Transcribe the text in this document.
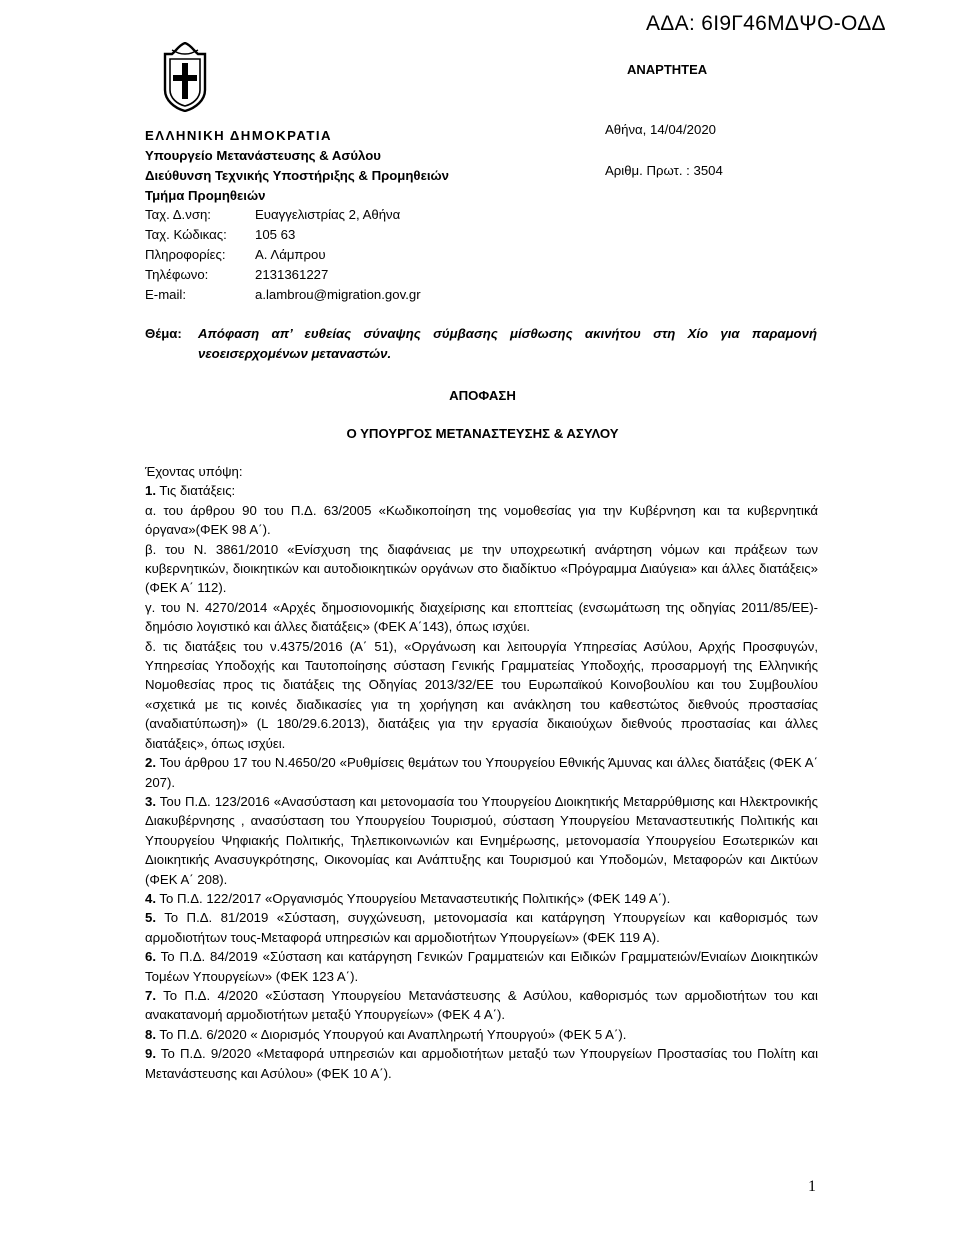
ΑΔΑ: 6Ι9Γ46ΜΔΨΟ-ΟΔΔ
ΑΝΑΡΤΗΤΕΑ
ΕΛΛΗΝΙΚΗ ΔΗΜΟΚΡΑΤΙΑ
Υπουργείο Μετανάστευσης & Ασύλου
Διεύθυνση Τεχνικής Υποστήριξης & Προμηθειών
Τμήμα Προμηθειών
Ταχ. Δ.νση:	Ευαγγελιστρίας 2, Αθήνα
Ταχ. Κώδικας:	105 63
Πληροφορίες:	Α. Λάμπρου
Τηλέφωνο:	2131361227
E-mail:	a.lambrou@migration.gov.gr
Αθήνα, 14/04/2020
Αριθμ. Πρωτ. : 3504
Θέμα:	Απόφαση απ’ ευθείας σύναψης σύμβασης μίσθωσης ακινήτου στη Χίο για παραμονή νεοεισερχομένων μεταναστών.
ΑΠΟΦΑΣΗ
Ο ΥΠΟΥΡΓΟΣ ΜΕΤΑΝΑΣΤΕΥΣΗΣ & ΑΣΥΛΟΥ

Έχοντας υπόψη:

1. Τις διατάξεις:

α. του άρθρου 90 του Π.Δ. 63/2005 «Κωδικοποίηση της νομοθεσίας για την Κυβέρνηση και τα κυβερνητικά όργανα»(ΦΕΚ 98 Α΄).

β. του Ν. 3861/2010 «Ενίσχυση της διαφάνειας με την υποχρεωτική ανάρτηση νόμων και πράξεων των κυβερνητικών, διοικητικών και αυτοδιοικητικών οργάνων στο διαδίκτυο «Πρόγραμμα Διαύγεια» και άλλες διατάξεις» (ΦΕΚ Α΄ 112).

γ. του Ν. 4270/2014 «Αρχές δημοσιονομικής διαχείρισης και εποπτείας (ενσωμάτωση της οδηγίας 2011/85/ΕΕ)-δημόσιο λογιστικό και άλλες διατάξεις» (ΦΕΚ Α΄143), όπως ισχύει.

δ. τις διατάξεις του ν.4375/2016 (Α΄ 51), «Οργάνωση και λειτουργία Υπηρεσίας Ασύλου, Αρχής Προσφυγών, Υπηρεσίας Υποδοχής και Ταυτοποίησης σύσταση Γενικής Γραμματείας Υποδοχής, προσαρμογή της Ελληνικής Νομοθεσίας προς τις διατάξεις της Οδηγίας 2013/32/ΕΕ του Ευρωπαϊκού Κοινοβουλίου και του Συμβουλίου «σχετικά με τις κοινές διαδικασίες για τη χορήγηση και ανάκληση του καθεστώτος διεθνούς προστασίας (αναδιατύπωση)» (L 180/29.6.2013), διατάξεις για την εργασία δικαιούχων διεθνούς προστασίας και άλλες διατάξεις», όπως ισχύει.

2. Του άρθρου 17 του Ν.4650/20 «Ρυθμίσεις θεμάτων του Υπουργείου Εθνικής Άμυνας και άλλες διατάξεις (ΦΕΚ Α΄ 207).

3. Του Π.Δ. 123/2016 «Ανασύσταση και μετονομασία του Υπουργείου Διοικητικής Μεταρρύθμισης και Ηλεκτρονικής Διακυβέρνησης , ανασύσταση του Υπουργείου Τουρισμού, σύσταση Υπουργείου Μεταναστευτικής Πολιτικής και Υπουργείου Ψηφιακής Πολιτικής, Τηλεπικοινωνιών και Ενημέρωσης, μετονομασία Υπουργείου Εσωτερικών και Διοικητικής Ανασυγκρότησης, Οικονομίας και Ανάπτυξης και Τουρισμού και Υποδομών, Μεταφορών και Δικτύων (ΦΕΚ Α΄ 208).

4. Το Π.Δ. 122/2017 «Οργανισμός Υπουργείου Μεταναστευτικής Πολιτικής» (ΦΕΚ 149 Α΄).

5. Το Π.Δ. 81/2019 «Σύσταση, συγχώνευση, μετονομασία και κατάργηση Υπουργείων και καθορισμός των αρμοδιοτήτων τους-Μεταφορά υπηρεσιών και αρμοδιοτήτων Υπουργείων» (ΦΕΚ 119 Α).

6. Το Π.Δ. 84/2019 «Σύσταση και κατάργηση Γενικών Γραμματειών και Ειδικών Γραμματειών/Ενιαίων Διοικητικών Τομέων Υπουργείων» (ΦΕΚ 123 Α΄).

7. Το Π.Δ. 4/2020 «Σύσταση Υπουργείου Μετανάστευσης & Ασύλου, καθορισμός των αρμοδιοτήτων του και ανακατανομή αρμοδιοτήτων μεταξύ Υπουργείων» (ΦΕΚ 4 Α΄).

8. Το Π.Δ. 6/2020 « Διορισμός Υπουργού και Αναπληρωτή Υπουργού» (ΦΕΚ 5 Α΄).

9. Το Π.Δ. 9/2020 «Μεταφορά υπηρεσιών και αρμοδιοτήτων μεταξύ των Υπουργείων Προστασίας του Πολίτη και Μετανάστευσης και Ασύλου» (ΦΕΚ 10 Α΄).

1
